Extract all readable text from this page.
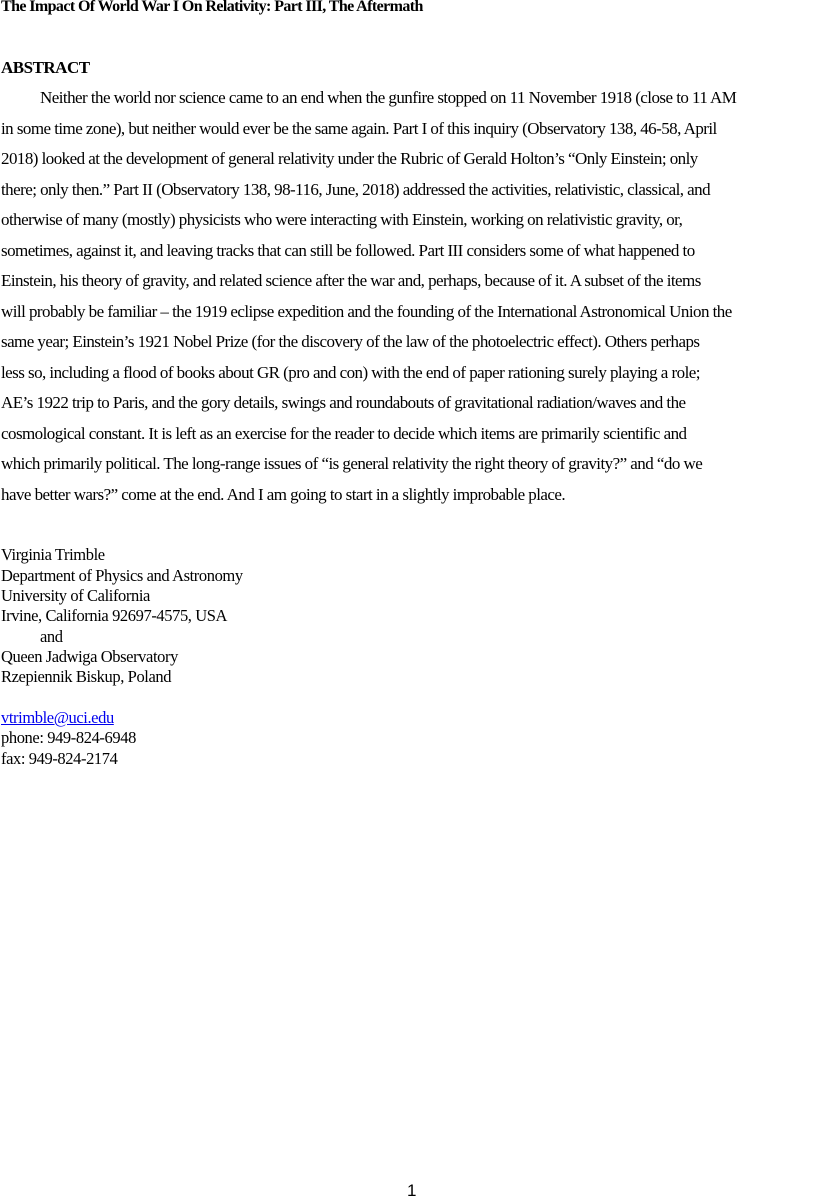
The Impact Of World War I On Relativity: Part III, The Aftermath
ABSTRACT
Neither the world nor science came to an end when the gunfire stopped on 11 November 1918 (close to 11 AM
in some time zone), but neither would ever be the same again. Part I of this inquiry (Observatory 138, 46-58, April
2018) looked at the development of general relativity under the Rubric of Gerald Holton’s “Only Einstein; only
there; only then.” Part II (Observatory 138, 98-116, June, 2018) addressed the activities, relativistic, classical, and
otherwise of many (mostly) physicists who were interacting with Einstein, working on relativistic gravity, or,
sometimes, against it, and leaving tracks that can still be followed. Part III considers some of what happened to
Einstein, his theory of gravity, and related science after the war and, perhaps, because of it. A subset of the items
will probably be familiar – the 1919 eclipse expedition and the founding of the International Astronomical Union the
same year; Einstein’s 1921 Nobel Prize (for the discovery of the law of the photoelectric effect). Others perhaps
less so, including a flood of books about GR (pro and con) with the end of paper rationing surely playing a role;
AE’s 1922 trip to Paris, and the gory details, swings and roundabouts of gravitational radiation/waves and the
cosmological constant. It is left as an exercise for the reader to decide which items are primarily scientific and
which primarily political. The long-range issues of “is general relativity the right theory of gravity?” and “do we
have better wars?” come at the end. And I am going to start in a slightly improbable place.
Virginia Trimble
Department of Physics and Astronomy
University of California
Irvine, California 92697-4575, USA
and
Queen Jadwiga Observatory
Rzepiennik Biskup, Poland
vtrimble@uci.edu
phone: 949-824-6948
fax: 949-824-2174
1
